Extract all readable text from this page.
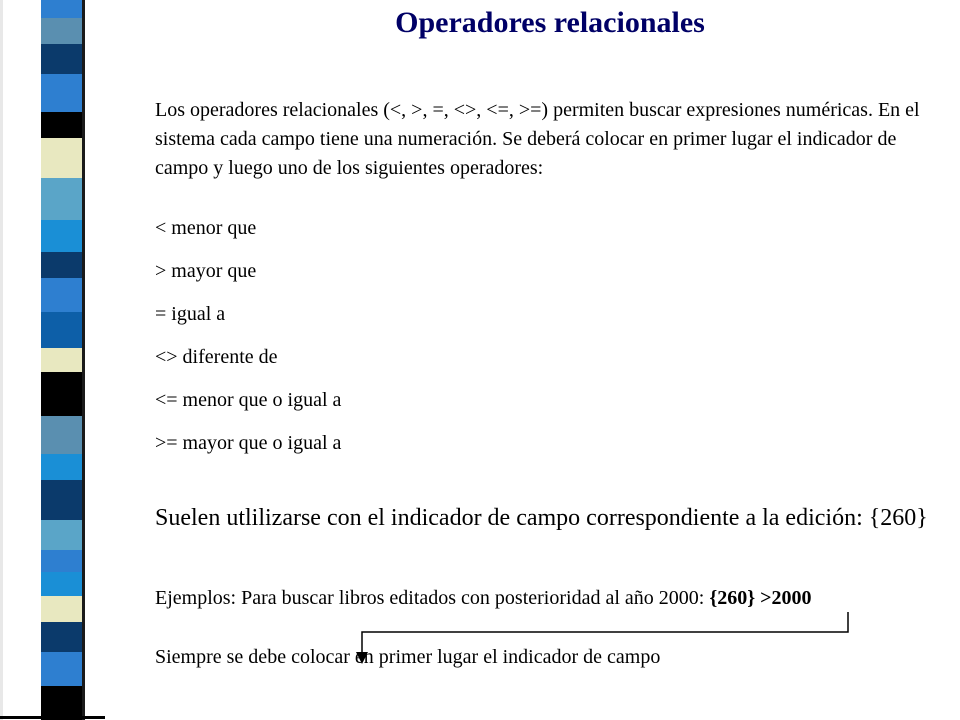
Operadores relacionales

Los operadores relacionales (<, >, =, <>, <=, >=) permiten buscar expresiones numéricas. En el sistema cada campo tiene una numeración. Se deberá colocar en primer lugar el indicador de campo y luego uno de los siguientes operadores:

< menor que

> mayor que

= igual a

<> diferente de

<= menor que o igual a

>= mayor que o igual a

Suelen utlilizarse con el indicador de campo correspondiente a la edición: {260}

Ejemplos: Para buscar libros editados con posterioridad al año 2000: {260} >2000

Siempre se debe colocar en primer lugar el indicador de campo
